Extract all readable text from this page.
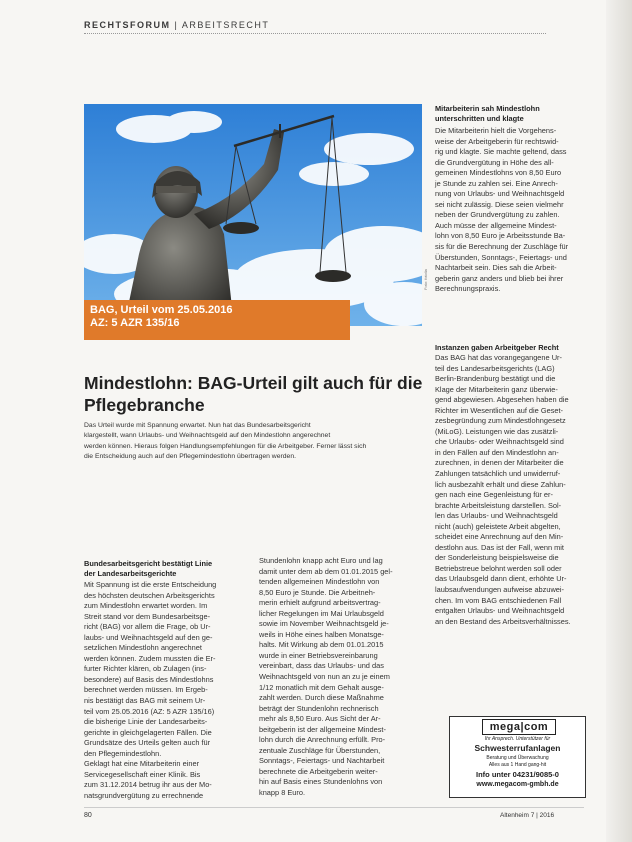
RECHTSFORUM | ARBEITSRECHT
Foto: fotolia
BAG, Urteil vom 25.05.2016
AZ: 5 AZR 135/16
Mitarbeiterin sah Mindestlohn
unterschritten und klagte
Die Mitarbeiterin hielt die Vorgehens-
weise der Arbeitgeberin für rechtswid-
rig und klagte. Sie machte geltend, dass
die Grundvergütung in Höhe des all-
gemeinen Mindestlohns von 8,50 Euro
je Stunde zu zahlen sei. Eine Anrech-
nung von Urlaubs- und Weihnachtsgeld
sei nicht zulässig. Diese seien vielmehr
neben der Grundvergütung zu zahlen.
Auch müsse der allgemeine Mindest-
lohn von 8,50 Euro je Arbeitsstunde Ba-
sis für die Berechnung der Zuschläge für
Überstunden, Sonntags-, Feiertags- und
Nachtarbeit sein. Dies sah die Arbeit-
geberin ganz anders und blieb bei ihrer
Berechnungspraxis.
Instanzen gaben Arbeitgeber Recht
Das BAG hat das vorangegangene Ur-
teil des Landesarbeitsgerichts (LAG)
Berlin-Brandenburg bestätigt und die
Klage der Mitarbeiterin ganz überwie-
gend abgewiesen. Abgesehen haben die
Richter im Wesentlichen auf die Geset-
zesbegründung zum Mindestlohngesetz
(MiLoG). Leistungen wie das zusätzli-
che Urlaubs- oder Weihnachtsgeld sind
in den Fällen auf den Mindestlohn an-
zurechnen, in denen der Mitarbeiter die
Zahlungen tatsächlich und unwiderruf-
lich ausbezahlt erhält und diese Zahlun-
gen nach eine Gegenleistung für er-
brachte Arbeitsleistung darstellen. Sol-
len das Urlaubs- und Weihnachtsgeld
nicht (auch) geleistete Arbeit abgelten,
scheidet eine Anrechnung auf den Min-
destlohn aus. Das ist der Fall, wenn mit
der Sonderleistung beispielsweise die
Betriebstreue belohnt werden soll oder
das Urlaubsgeld dann dient, erhöhte Ur-
laubsaufwendungen aufweise abzuwei-
chen. Im vom BAG entschiedenen Fall
entgalten Urlaubs- und Weihnachtsgeld
an den Bestand des Arbeitsverhältnisses.
Mindestlohn: BAG-Urteil gilt auch für die Pflegebranche
Das Urteil wurde mit Spannung erwartet. Nun hat das Bundesarbeitsgericht
klargestellt, wann Urlaubs- und Weihnachtsgeld auf den Mindestlohn angerechnet
werden können. Hieraus folgen Handlungsempfehlungen für die Arbeitgeber. Ferner lässt sich
die Entscheidung auch auf den Pflegemindestlohn übertragen werden.
Bundesarbeitsgericht bestätigt Linie
der Landesarbeitsgerichte
Mit Spannung ist die erste Entscheidung
des höchsten deutschen Arbeitsgerichts
zum Mindestlohn erwartet worden. Im
Streit stand vor dem Bundesarbeitsge-
richt (BAG) vor allem die Frage, ob Ur-
laubs- und Weihnachtsgeld auf den ge-
setzlichen Mindestlohn angerechnet
werden können. Zudem mussten die Er-
furter Richter klären, ob Zulagen (ins-
besondere) auf Basis des Mindestlohns
berechnet werden müssen. Im Ergeb-
nis bestätigt das BAG mit seinem Ur-
teil vom 25.05.2016 (AZ: 5 AZR 135/16)
die bisherige Linie der Landesarbeits-
gerichte in gleichgelagerten Fällen. Die
Grundsätze des Urteils gelten auch für
den Pflegemindestlohn.
Geklagt hat eine Mitarbeiterin einer
Servicegesellschaft einer Klinik. Bis
zum 31.12.2014 betrug ihr aus der Mo-
natsgrundvergütung zu errechnende
Stundenlohn knapp acht Euro und lag
damit unter dem ab dem 01.01.2015 gel-
tenden allgemeinen Mindestlohn von
8,50 Euro je Stunde. Die Arbeitneh-
merin erhielt aufgrund arbeitsvertrag-
licher Regelungen im Mai Urlaubsgeld
sowie im November Weihnachtsgeld je-
weils in Höhe eines halben Monatsge-
halts. Mit Wirkung ab dem 01.01.2015
wurde in einer Betriebsvereinbarung
vereinbart, dass das Urlaubs- und das
Weihnachtsgeld von nun an zu je einem
1/12 monatlich mit dem Gehalt ausge-
zahlt werden. Durch diese Maßnahme
beträgt der Stundenlohn rechnerisch
mehr als 8,50 Euro. Aus Sicht der Ar-
beitgeberin ist der allgemeine Mindest-
lohn durch die Anrechnung erfüllt. Pro-
zentuale Zuschläge für Überstunden,
Sonntags-, Feiertags- und Nachtarbeit
berechnete die Arbeitgeberin weiter-
hin auf Basis eines Stundenlohns von
knapp 8 Euro.
mega|com
Ihr Ansprech. Unterstützer für
Schwesterrufanlagen
Beratung und Überwachung
Alles aus 1 Hand gang-hit
Info unter 04231/9085-0
www.megacom-gmbh.de
80	Altenheim 7 | 2016
